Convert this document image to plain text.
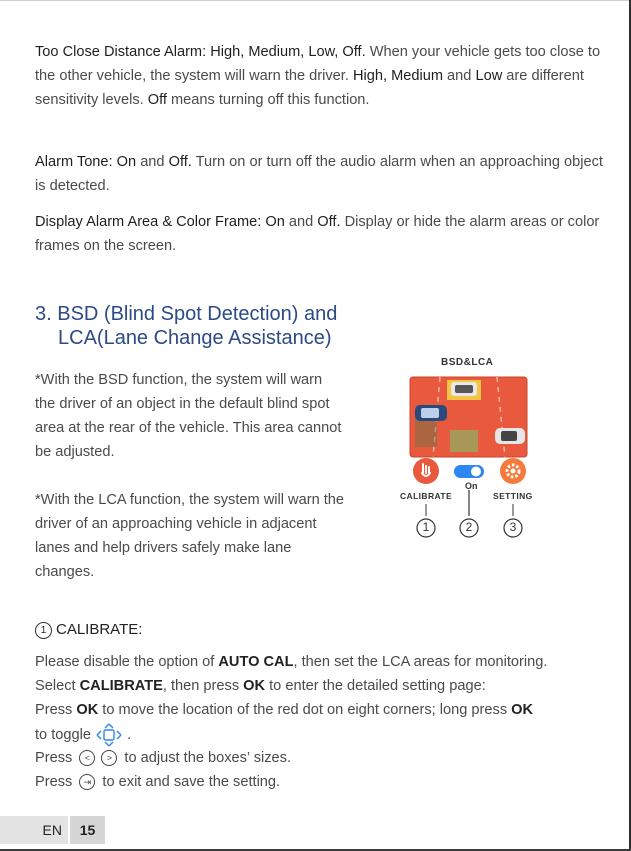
Too Close Distance Alarm: High, Medium, Low, Off. When your vehicle gets too close to the other vehicle, the system will warn the driver. High, Medium and Low are different sensitivity levels. Off means turning off this function.

Alarm Tone: On and Off. Turn on or turn off the audio alarm when an approaching object is detected.

Display Alarm Area & Color Frame: On and Off. Display or hide the alarm areas or color frames on the screen.

3. BSD (Blind Spot Detection) and
LCA(Lane Change Assistance)

*With the BSD function, the system will warn the driver of an object in the default blind spot area at the rear of the vehicle. This area cannot be adjusted.

*With the LCA function, the system will warn the driver of an approaching vehicle in adjacent lanes and help drivers safely make lane changes.

BSD&LCA
On
CALIBRATE	SETTING
1	2	3
1 CALIBRATE:

Please disable the option of AUTO CAL, then set the LCA areas for monitoring.

Select CALIBRATE, then press OK to enter the detailed setting page:

Press OK to move the location of the red dot on eight corners; long press OK

to toggle  .

Press < > to adjust the boxes’ sizes.

Press ⇥ to exit and save the setting.

EN	15
